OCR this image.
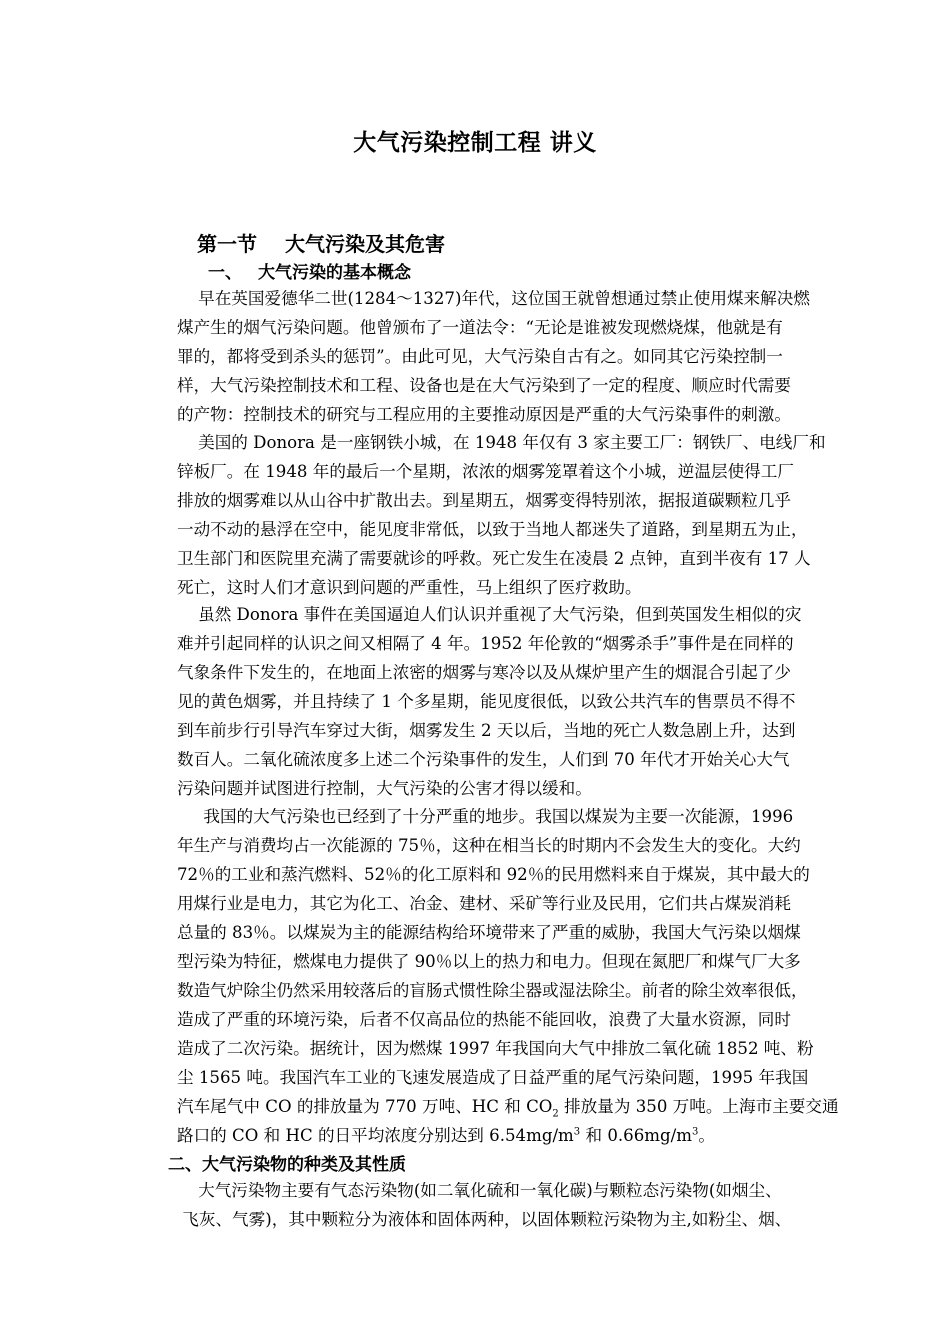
大气污染控制工程 讲义
第一节 大气污染及其危害
一、 大气污染的基本概念
早在英国爱德华二世(1284～1327)年代，这位国王就曾想通过禁止使用煤来解决燃
煤产生的烟气污染问题。他曾颁布了一道法令：“无论是谁被发现燃烧煤，他就是有
罪的，都将受到杀头的惩罚”。由此可见，大气污染自古有之。如同其它污染控制一
样，大气污染控制技术和工程、设备也是在大气污染到了一定的程度、顺应时代需要
的产物：控制技术的研究与工程应用的主要推动原因是严重的大气污染事件的刺激。
美国的 Donora 是一座钢铁小城，在 1948 年仅有 3 家主要工厂：钢铁厂、电线厂和
锌板厂。在 1948 年的最后一个星期，浓浓的烟雾笼罩着这个小城，逆温层使得工厂
排放的烟雾难以从山谷中扩散出去。到星期五，烟雾变得特别浓，据报道碳颗粒几乎
一动不动的悬浮在空中，能见度非常低，以致于当地人都迷失了道路，到星期五为止，
卫生部门和医院里充满了需要就诊的呼救。死亡发生在凌晨 2 点钟，直到半夜有 17 人
死亡，这时人们才意识到问题的严重性，马上组织了医疗救助。
虽然 Donora 事件在美国逼迫人们认识并重视了大气污染，但到英国发生相似的灾
难并引起同样的认识之间又相隔了 4 年。1952 年伦敦的“烟雾杀手”事件是在同样的
气象条件下发生的，在地面上浓密的烟雾与寒冷以及从煤炉里产生的烟混合引起了少
见的黄色烟雾，并且持续了 1 个多星期，能见度很低，以致公共汽车的售票员不得不
到车前步行引导汽车穿过大街，烟雾发生 2 天以后，当地的死亡人数急剧上升，达到
数百人。二氧化硫浓度多上述二个污染事件的发生，人们到 70 年代才开始关心大气
污染问题并试图进行控制，大气污染的公害才得以缓和。
我国的大气污染也已经到了十分严重的地步。我国以煤炭为主要一次能源，1996
年生产与消费均占一次能源的 75％，这种在相当长的时期内不会发生大的变化。大约
72％的工业和蒸汽燃料、52％的化工原料和 92％的民用燃料来自于煤炭，其中最大的
用煤行业是电力，其它为化工、冶金、建材、采矿等行业及民用，它们共占煤炭消耗
总量的 83％。以煤炭为主的能源结构给环境带来了严重的威胁，我国大气污染以烟煤
型污染为特征，燃煤电力提供了 90％以上的热力和电力。但现在氮肥厂和煤气厂大多
数造气炉除尘仍然采用较落后的盲肠式惯性除尘器或湿法除尘。前者的除尘效率很低，
造成了严重的环境污染，后者不仅高品位的热能不能回收，浪费了大量水资源，同时
造成了二次污染。据统计，因为燃煤 1997 年我国向大气中排放二氧化硫 1852 吨、粉
尘 1565 吨。我国汽车工业的飞速发展造成了日益严重的尾气污染问题，1995 年我国
汽车尾气中 CO 的排放量为 770 万吨、HC 和 $CO_2$ 排放量为 350 万吨。上海市主要交通
路口的 CO 和 HC 的日平均浓度分别达到 $6.54mg/m^3$ 和 $0.66mg/m^3$。
二、大气污染物的种类及其性质
大气污染物主要有气态污染物(如二氧化硫和一氧化碳)与颗粒态污染物(如烟尘、
飞灰、气雾)，其中颗粒分为液体和固体两种，以固体颗粒污染物为主,如粉尘、烟、
